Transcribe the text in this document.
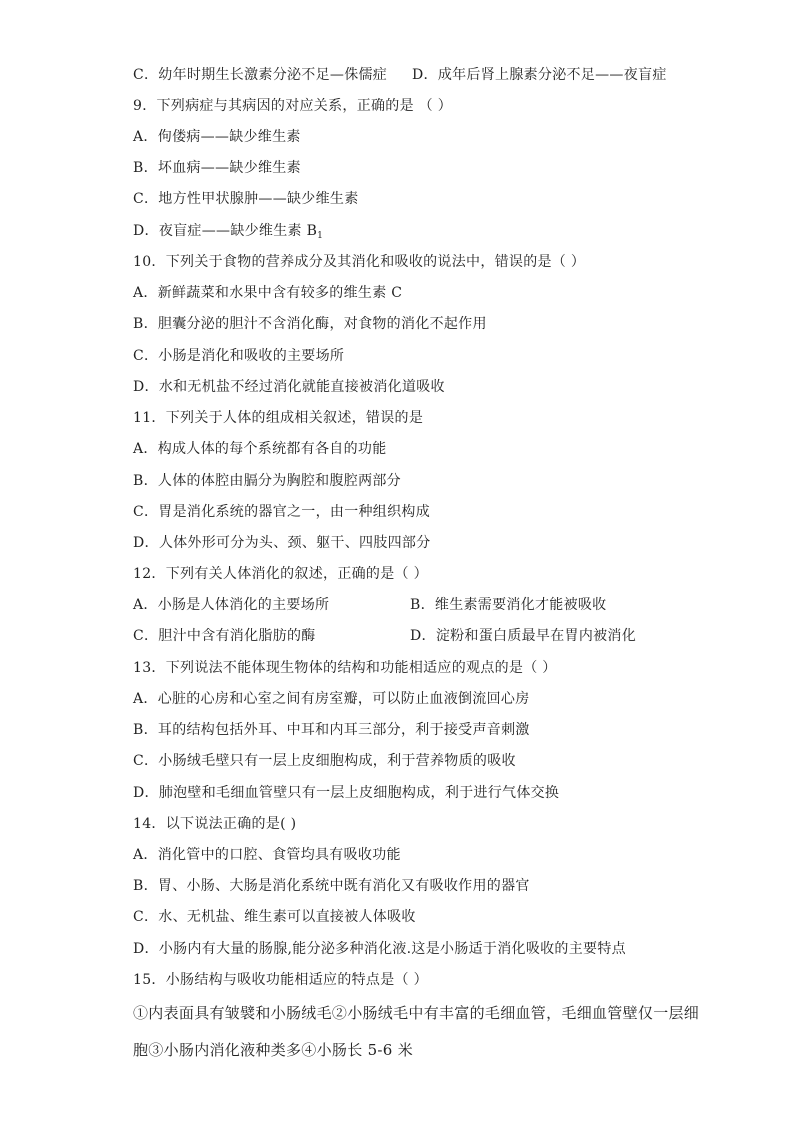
C．幼年时期生长激素分泌不足—侏儒症 D．成年后肾上腺素分泌不足——夜盲症
9．下列病症与其病因的对应关系，正确的是 （ ）
A．佝偻病——缺少维生素
B．坏血病——缺少维生素
C．地方性甲状腺肿——缺少维生素
D．夜盲症——缺少维生素 $B_1$
10．下列关于食物的营养成分及其消化和吸收的说法中，错误的是（ ）
A．新鲜蔬菜和水果中含有较多的维生素 C
B．胆囊分泌的胆汁不含消化酶，对食物的消化不起作用
C．小肠是消化和吸收的主要场所
D．水和无机盐不经过消化就能直接被消化道吸收
11．下列关于人体的组成相关叙述，错误的是
A．构成人体的每个系统都有各自的功能
B．人体的体腔由膈分为胸腔和腹腔两部分
C．胃是消化系统的器官之一，由一种组织构成
D．人体外形可分为头、颈、躯干、四肢四部分
12．下列有关人体消化的叙述，正确的是（ ）
A．小肠是人体消化的主要场所	B．维生素需要消化才能被吸收
C．胆汁中含有消化脂肪的酶	D．淀粉和蛋白质最早在胃内被消化
13．下列说法不能体现生物体的结构和功能相适应的观点的是（ ）
A．心脏的心房和心室之间有房室瓣，可以防止血液倒流回心房
B．耳的结构包括外耳、中耳和内耳三部分，利于接受声音刺激
C．小肠绒毛壁只有一层上皮细胞构成，利于营养物质的吸收
D．肺泡壁和毛细血管壁只有一层上皮细胞构成，利于进行气体交换
14．以下说法正确的是( )
A．消化管中的口腔、食管均具有吸收功能
B．胃、小肠、大肠是消化系统中既有消化又有吸收作用的器官
C．水、无机盐、维生素可以直接被人体吸收
D．小肠内有大量的肠腺,能分泌多种消化液.这是小肠适于消化吸收的主要特点
15．小肠结构与吸收功能相适应的特点是（ ）
①内表面具有皱襞和小肠绒毛②小肠绒毛中有丰富的毛细血管，毛细血管壁仅一层细
胞③小肠内消化液种类多④小肠长 5-6 米
